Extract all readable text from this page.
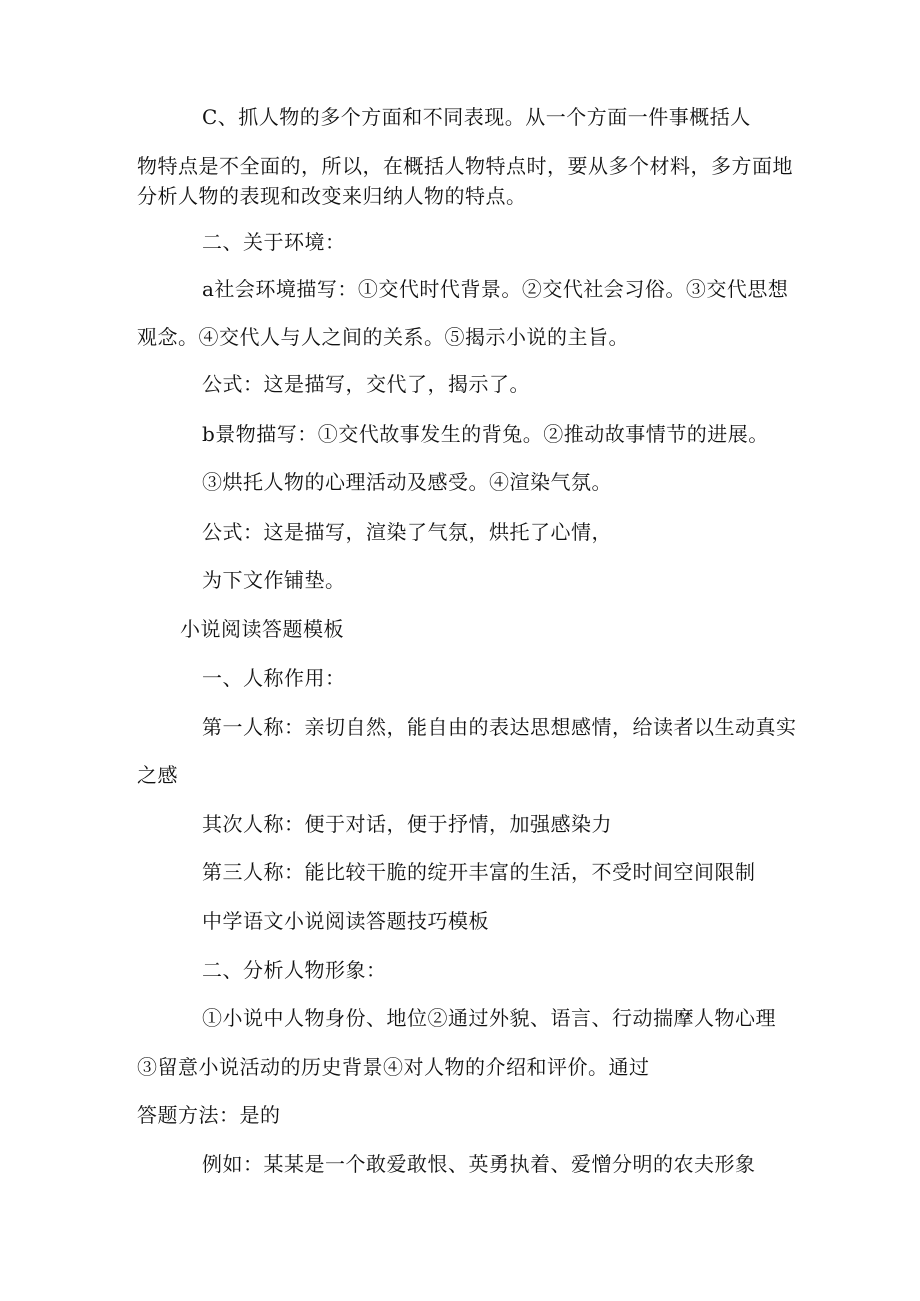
C、抓人物的多个方面和不同表现。从一个方面一件事概括人
物特点是不全面的，所以，在概括人物特点时，要从多个材料，多方面地
分析人物的表现和改变来归纳人物的特点。
二、关于环境：
a社会环境描写：①交代时代背景。②交代社会习俗。③交代思想
观念。④交代人与人之间的关系。⑤揭示小说的主旨。
公式：这是描写，交代了，揭示了。
b景物描写：①交代故事发生的背兔。②推动故事情节的进展。
③烘托人物的心理活动及感受。④渲染气氛。
公式：这是描写，渲染了气氛，烘托了心情，
为下文作铺垫。
小说阅读答题模板
一、人称作用：
第一人称：亲切自然，能自由的表达思想感情，给读者以生动真实
之感
其次人称：便于对话，便于抒情，加强感染力
第三人称：能比较干脆的绽开丰富的生活，不受时间空间限制
中学语文小说阅读答题技巧模板
二、分析人物形象：
①小说中人物身份、地位②通过外貌、语言、行动揣摩人物心理
③留意小说活动的历史背景④对人物的介绍和评价。通过
答题方法：是的
例如：某某是一个敢爱敢恨、英勇执着、爱憎分明的农夫形象
